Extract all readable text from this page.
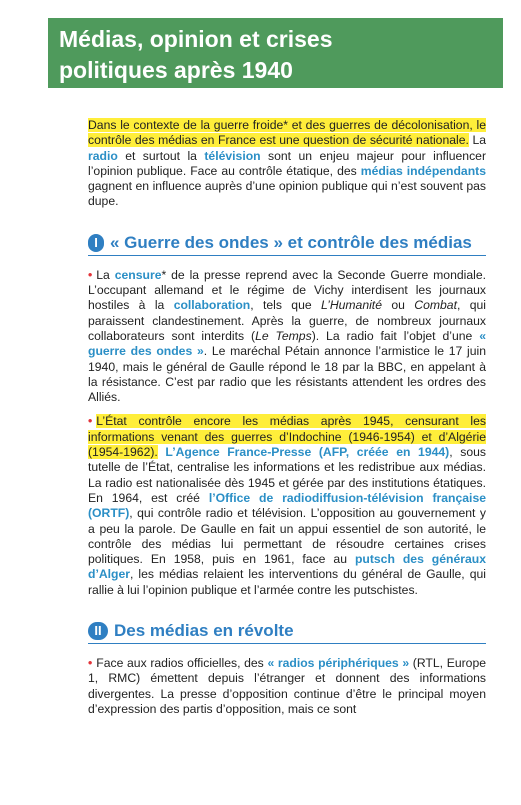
Médias, opinion et crises
politiques après 1940

Dans le contexte de la guerre froide* et des guerres de décolonisation, le contrôle des médias en France est une question de sécurité nationale. La radio et surtout la télévision sont un enjeu majeur pour influencer l’opinion publique. Face au contrôle étatique, des médias indépendants gagnent en influence auprès d’une opinion publique qui n’est souvent pas dupe.

I « Guerre des ondes » et contrôle des médias

• La censure* de la presse reprend avec la Seconde Guerre mondiale. L’occupant allemand et le régime de Vichy interdisent les journaux hostiles à la collaboration, tels que L’Humanité ou Combat, qui paraissent clandestinement. Après la guerre, de nombreux journaux collaborateurs sont interdits (Le Temps). La radio fait l’objet d’une « guerre des ondes ». Le maréchal Pétain annonce l’armistice le 17 juin 1940, mais le général de Gaulle répond le 18 par la BBC, en appelant à la résistance. C’est par radio que les résistants attendent les ordres des Alliés.

• L’État contrôle encore les médias après 1945, censurant les informations venant des guerres d’Indochine (1946-1954) et d’Algérie (1954-1962). L’Agence France-Presse (AFP, créée en 1944), sous tutelle de l’État, centralise les informations et les redistribue aux médias. La radio est nationalisée dès 1945 et gérée par des institutions étatiques. En 1964, est créé l’Office de radiodiffusion-télévision française (ORTF), qui contrôle radio et télévision. L’opposition au gouvernement y a peu la parole. De Gaulle en fait un appui essentiel de son autorité, le contrôle des médias lui permettant de résoudre certaines crises politiques. En 1958, puis en 1961, face au putsch des généraux d’Alger, les médias relaient les interventions du général de Gaulle, qui rallie à lui l’opinion publique et l’armée contre les putschistes.

II Des médias en révolte

• Face aux radios officielles, des « radios périphériques » (RTL, Europe 1, RMC) émettent depuis l’étranger et donnent des informations divergentes. La presse d’opposition continue d’être le principal moyen d’expression des partis d’opposition, mais ce sont
